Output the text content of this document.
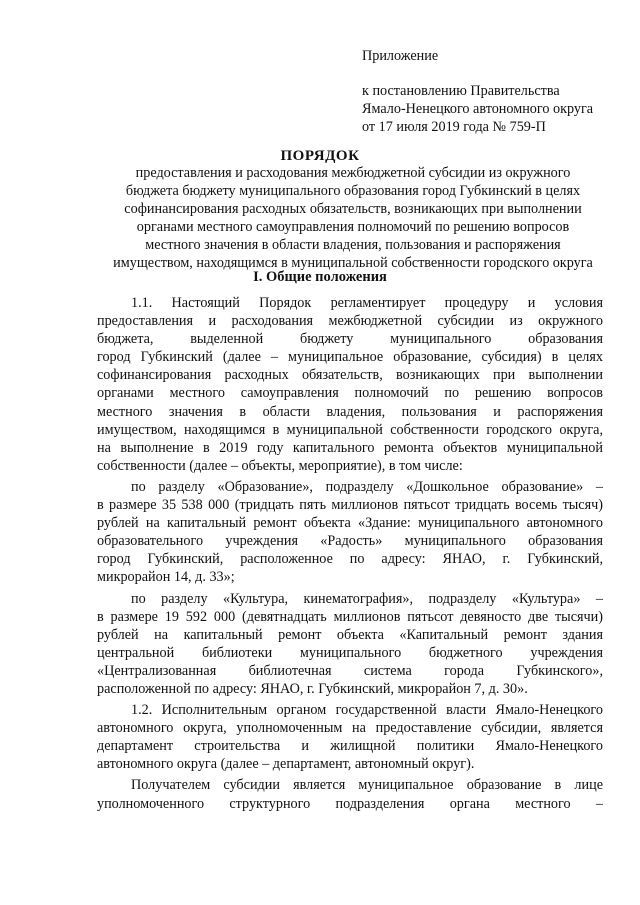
Приложение
к постановлению Правительства
Ямало-Ненецкого автономного округа
от 17 июля 2019 года № 759-П
ПОРЯДОК
предоставления и расходования межбюджетной субсидии из окружного
бюджета бюджету муниципального образования город Губкинский в целях
софинансирования расходных обязательств, возникающих при выполнении
органами местного самоуправления полномочий по решению вопросов
местного значения в области владения, пользования и распоряжения
имуществом, находящимся в муниципальной собственности городского округа
I. Общие положения
1.1. Настоящий Порядок регламентирует процедуру и условия
предоставления и расходования межбюджетной субсидии из окружного
бюджета, выделенной бюджету муниципального образования
город Губкинский (далее – муниципальное образование, субсидия) в целях
софинансирования расходных обязательств, возникающих при выполнении
органами местного самоуправления полномочий по решению вопросов
местного значения в области владения, пользования и распоряжения
имуществом, находящимся в муниципальной собственности городского округа,
на выполнение в 2019 году капитального ремонта объектов муниципальной
собственности (далее – объекты, мероприятие), в том числе:
по разделу «Образование», подразделу «Дошкольное образование» –
в размере 35 538 000 (тридцать пять миллионов пятьсот тридцать восемь тысяч)
рублей на капитальный ремонт объекта «Здание: муниципального автономного
образовательного учреждения «Радость» муниципального образования
город Губкинский, расположенное по адресу: ЯНАО, г. Губкинский,
микрорайон 14, д. 33»;
по разделу «Культура, кинематография», подразделу «Культура» –
в размере 19 592 000 (девятнадцать миллионов пятьсот девяносто две тысячи)
рублей на капитальный ремонт объекта «Капитальный ремонт здания
центральной библиотеки муниципального бюджетного учреждения
«Централизованная библиотечная система города Губкинского»,
расположенной по адресу: ЯНАО, г. Губкинский, микрорайон 7, д. 30».
1.2. Исполнительным органом государственной власти Ямало-Ненецкого
автономного округа, уполномоченным на предоставление субсидии, является
департамент строительства и жилищной политики Ямало-Ненецкого
автономного округа (далее – департамент, автономный округ).
Получателем субсидии является муниципальное образование в лице
уполномоченного структурного подразделения органа местного –
